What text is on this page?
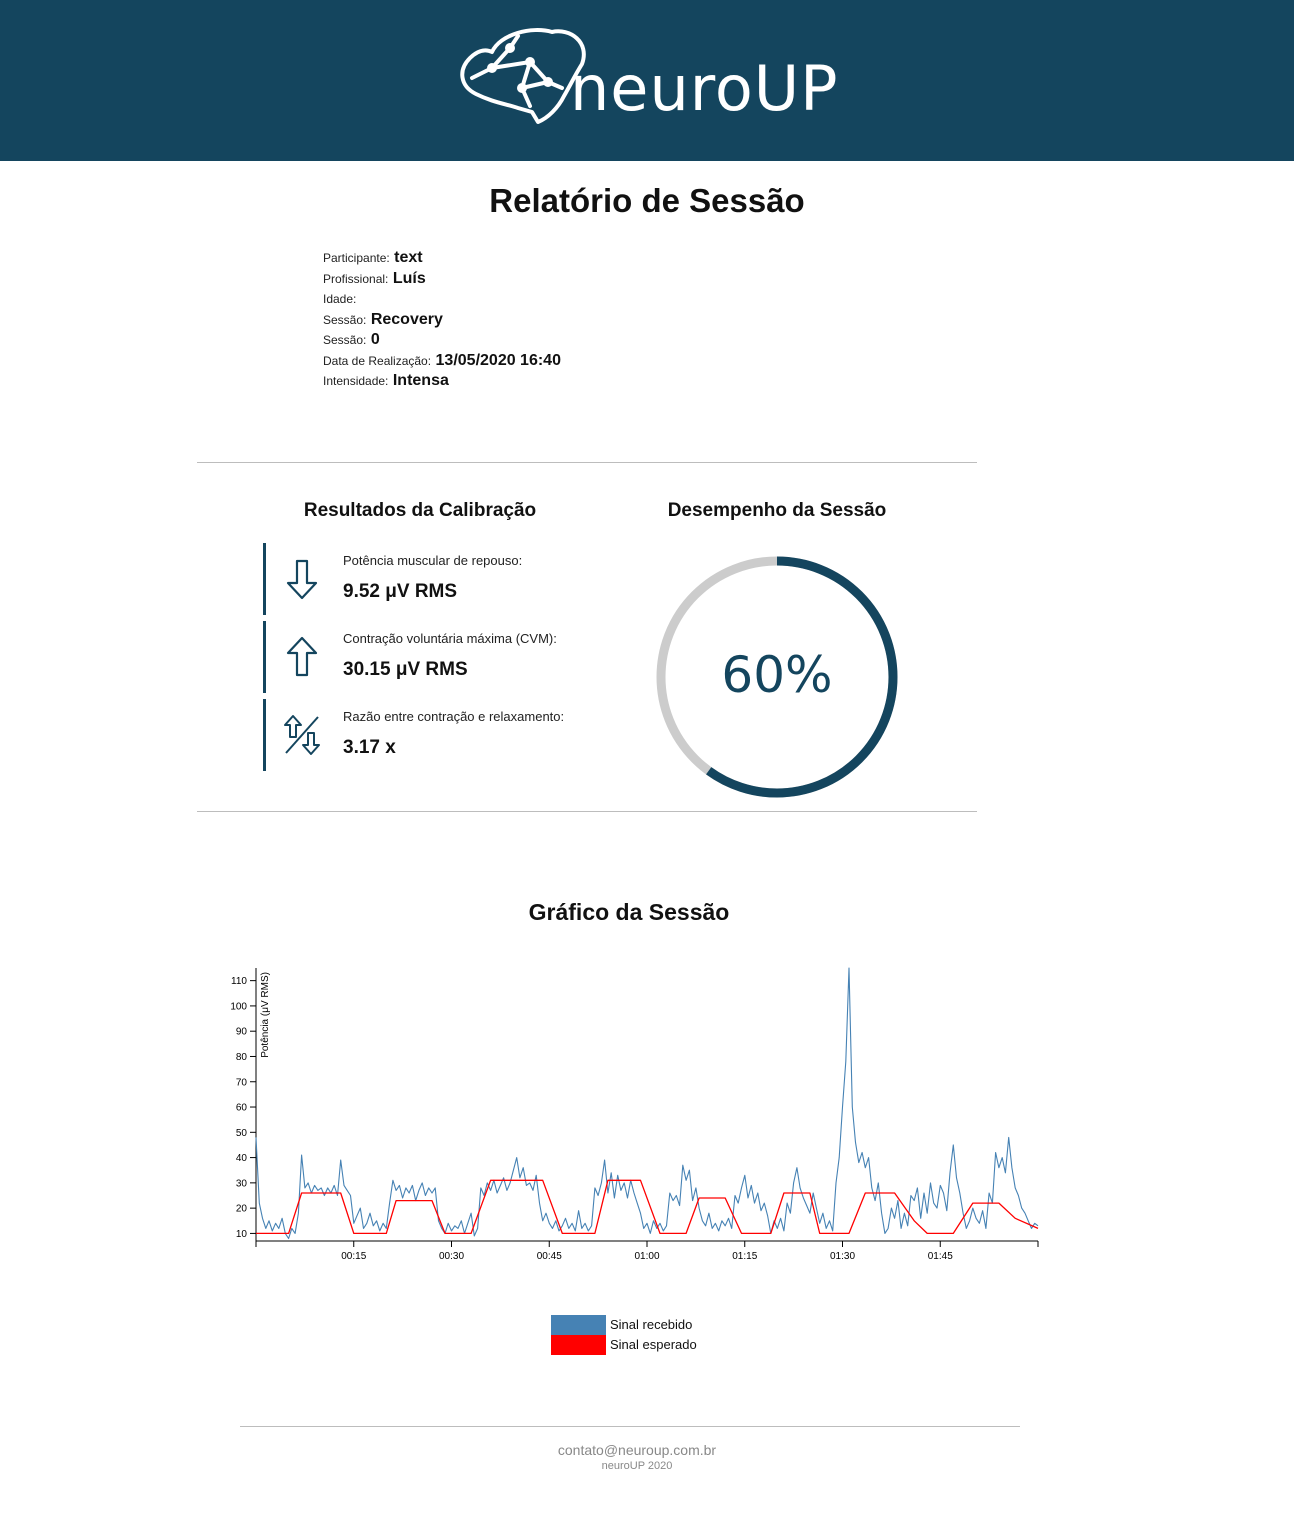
neuroUP
Relatório de Sessão
Participante: text
Profissional: Luís
Idade:
Sessão: Recovery
Sessão: 0
Data de Realização: 13/05/2020 16:40
Intensidade: Intensa
Resultados da Calibração
Potência muscular de repouso:
9.52 μV RMS
Contração voluntária máxima (CVM):
30.15 μV RMS
Razão entre contração e relaxamento:
3.17 x
Desempenho da Sessão
60%
Gráfico da Sessão
10
20
30
40
50
60
70
80
90
100
110
00:15	00:30	00:45	01:00	01:15	01:30	01:45
Potência (μV RMS)
Sinal recebido
Sinal esperado
contato@neuroup.com.br
neuroUP 2020
